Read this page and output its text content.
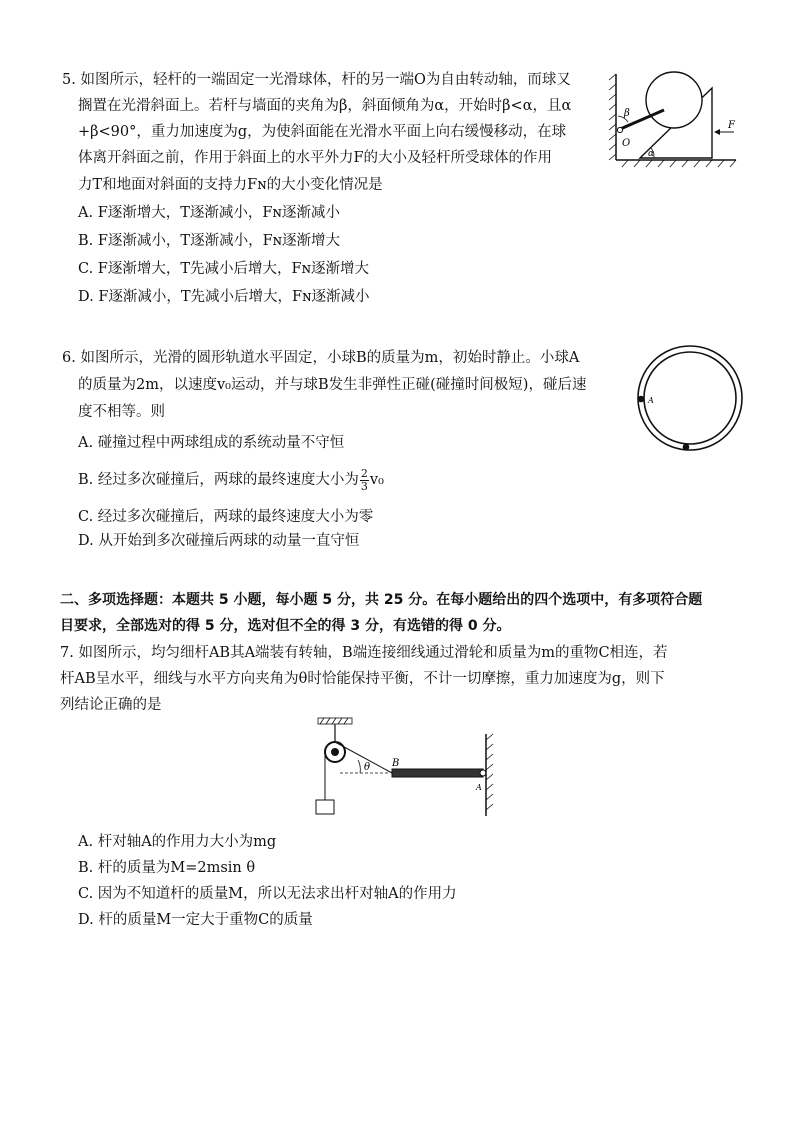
5. 如图所示，轻杆的一端固定一光滑球体，杆的另一端O为自由转动轴，而球又
搁置在光滑斜面上。若杆与墙面的夹角为β，斜面倾角为α，开始时β<α，且α
+β<90°，重力加速度为g，为使斜面能在光滑水平面上向右缓慢移动，在球
体离开斜面之前，作用于斜面上的水平外力F的大小及轻杆所受球体的作用
力T和地面对斜面的支持力Fɴ的大小变化情况是
A. F逐渐增大，T逐渐减小，Fɴ逐渐减小
B. F逐渐减小，T逐渐减小，Fɴ逐渐增大
C. F逐渐增大，T先减小后增大，Fɴ逐渐增大
D. F逐渐减小，T先减小后增大，Fɴ逐渐减小
β
O
α
F
6. 如图所示，光滑的圆形轨道水平固定，小球B的质量为m，初始时静止。小球A
的质量为2m，以速度v₀运动，并与球B发生非弹性正碰(碰撞时间极短)，碰后速
度不相等。则
A. 碰撞过程中两球组成的系统动量不守恒
B. 经过多次碰撞后，两球的最终速度大小为 $\frac{2}{3} v_0$
C. 经过多次碰撞后，两球的最终速度大小为零
D. 从开始到多次碰撞后两球的动量一直守恒
A
二、多项选择题：本题共 5 小题，每小题 5 分，共 25 分。在每小题给出的四个选项中，有多项符合题
目要求，全部选对的得 5 分，选对但不全的得 3 分，有选错的得 0 分。
7. 如图所示，均匀细杆AB其A端装有转轴，B端连接细线通过滑轮和质量为m的重物C相连，若
杆AB呈水平，细线与水平方向夹角为θ时恰能保持平衡，不计一切摩擦，重力加速度为g，则下
列结论正确的是
θ B
A
A. 杆对轴A的作用力大小为mg
B. 杆的质量为M=2msin θ
C. 因为不知道杆的质量M，所以无法求出杆对轴A的作用力
D. 杆的质量M一定大于重物C的质量
